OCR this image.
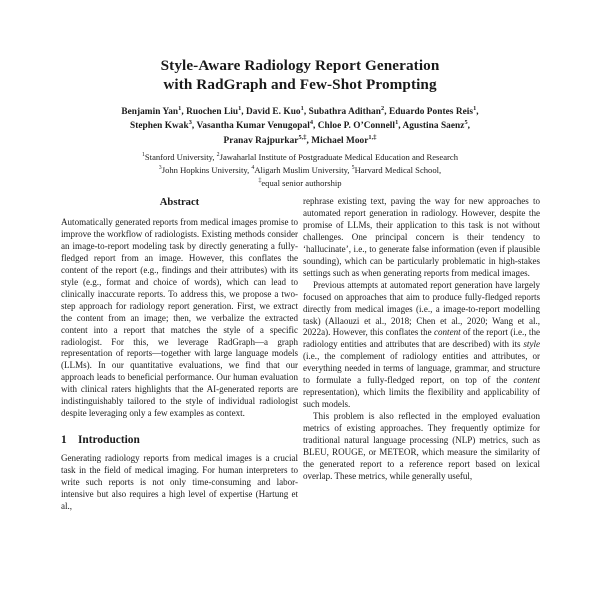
Style-Aware Radiology Report Generation
with RadGraph and Few-Shot Prompting
Benjamin Yan$^1$, Ruochen Liu$^1$, David E. Kuo$^1$, Subathra Adithan$^2$, Eduardo Pontes Reis$^1$,
Stephen Kwak$^3$, Vasantha Kumar Venugopal$^4$, Chloe P. O’Connell$^1$, Agustina Saenz$^5$,
Pranav Rajpurkar$^{5,\ddagger}$, Michael Moor$^{1,\ddagger}$
$^1$Stanford University, $^2$Jawaharlal Institute of Postgraduate Medical Education and Research
$^3$John Hopkins University, $^4$Aligarh Muslim University, $^5$Harvard Medical School,
‡equal senior authorship
Abstract

Automatically generated reports from medical images promise to improve the workflow of radiologists. Existing methods consider an image-to-report modeling task by directly generating a fully-fledged report from an image. However, this conflates the content of the report (e.g., findings and their attributes) with its style (e.g., format and choice of words), which can lead to clinically inaccurate reports. To address this, we propose a two-step approach for radiology report generation. First, we extract the content from an image; then, we verbalize the extracted content into a report that matches the style of a specific radiologist. For this, we leverage RadGraph—a graph representation of reports—together with large language models (LLMs). In our quantitative evaluations, we find that our approach leads to beneficial performance. Our human evaluation with clinical raters highlights that the AI-generated reports are indistinguishably tailored to the style of individual radiologist despite leveraging only a few examples as context.

1 Introduction

Generating radiology reports from medical images is a crucial task in the field of medical imaging. For human interpreters to write such reports is not only time-consuming and labor-intensive but also requires a high level of expertise (Hartung et al.,

rephrase existing text, paving the way for new approaches to automated report generation in radiology. However, despite the promise of LLMs, their application to this task is not without challenges. One principal concern is their tendency to ‘hallucinate’, i.e., to generate false information (even if plausible sounding), which can be particularly problematic in high-stakes settings such as when generating reports from medical images.

Previous attempts at automated report generation have largely focused on approaches that aim to produce fully-fledged reports directly from medical images (i.e., a image-to-report modelling task) (Allaouzi et al., 2018; Chen et al., 2020; Wang et al., 2022a). However, this conflates the content of the report (i.e., the radiology entities and attributes that are described) with its style (i.e., the complement of radiology entities and attributes, or everything needed in terms of language, grammar, and structure to formulate a fully-fledged report, on top of the content representation), which limits the flexibility and applicability of such models.

This problem is also reflected in the employed evaluation metrics of existing approaches. They frequently optimize for traditional natural language processing (NLP) metrics, such as BLEU, ROUGE, or METEOR, which measure the similarity of the generated report to a reference report based on lexical overlap. These metrics, while generally useful,
